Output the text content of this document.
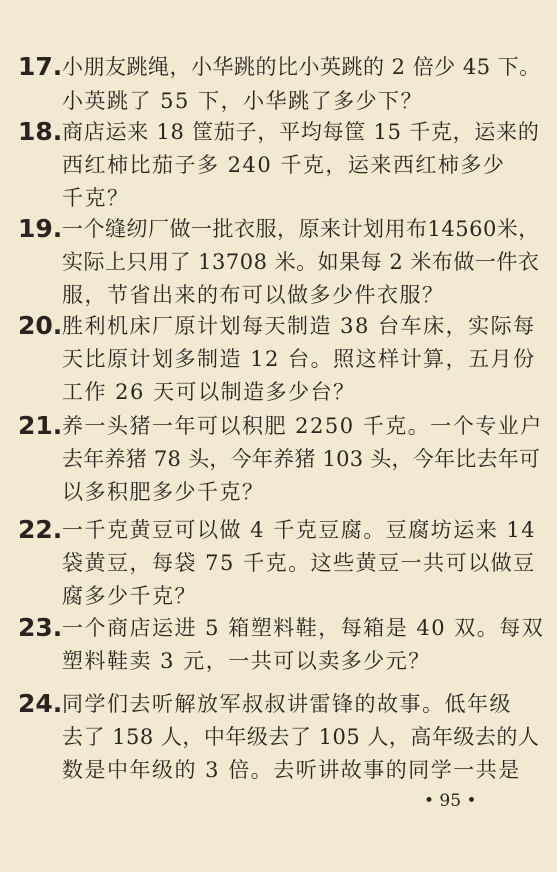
17. 小朋友跳绳，小华跳的比小英跳的 2 倍少 45 下。
小英跳了 55 下，小华跳了多少下？
18. 商店运来 18 筐茄子，平均每筐 15 千克，运来的
西红柿比茄子多 240 千克，运来西红柿多少
千克？
19. 一个缝纫厂做一批衣服，原来计划用布14560米，
实际上只用了 13708 米。如果每 2 米布做一件衣
服，节省出来的布可以做多少件衣服？
20. 胜利机床厂原计划每天制造 38 台车床，实际每
天比原计划多制造 12 台。照这样计算，五月份
工作 26 天可以制造多少台？
21. 养一头猪一年可以积肥 2250 千克。一个专业户
去年养猪 78 头，今年养猪 103 头，今年比去年可
以多积肥多少千克？
22. 一千克黄豆可以做 4 千克豆腐。豆腐坊运来 14
袋黄豆，每袋 75 千克。这些黄豆一共可以做豆
腐多少千克？
23. 一个商店运进 5 箱塑料鞋，每箱是 40 双。每双
塑料鞋卖 3 元，一共可以卖多少元？
24. 同学们去听解放军叔叔讲雷锋的故事。低年级
去了 158 人，中年级去了 105 人，高年级去的人
数是中年级的 3 倍。去听讲故事的同学一共是
• 95 •
